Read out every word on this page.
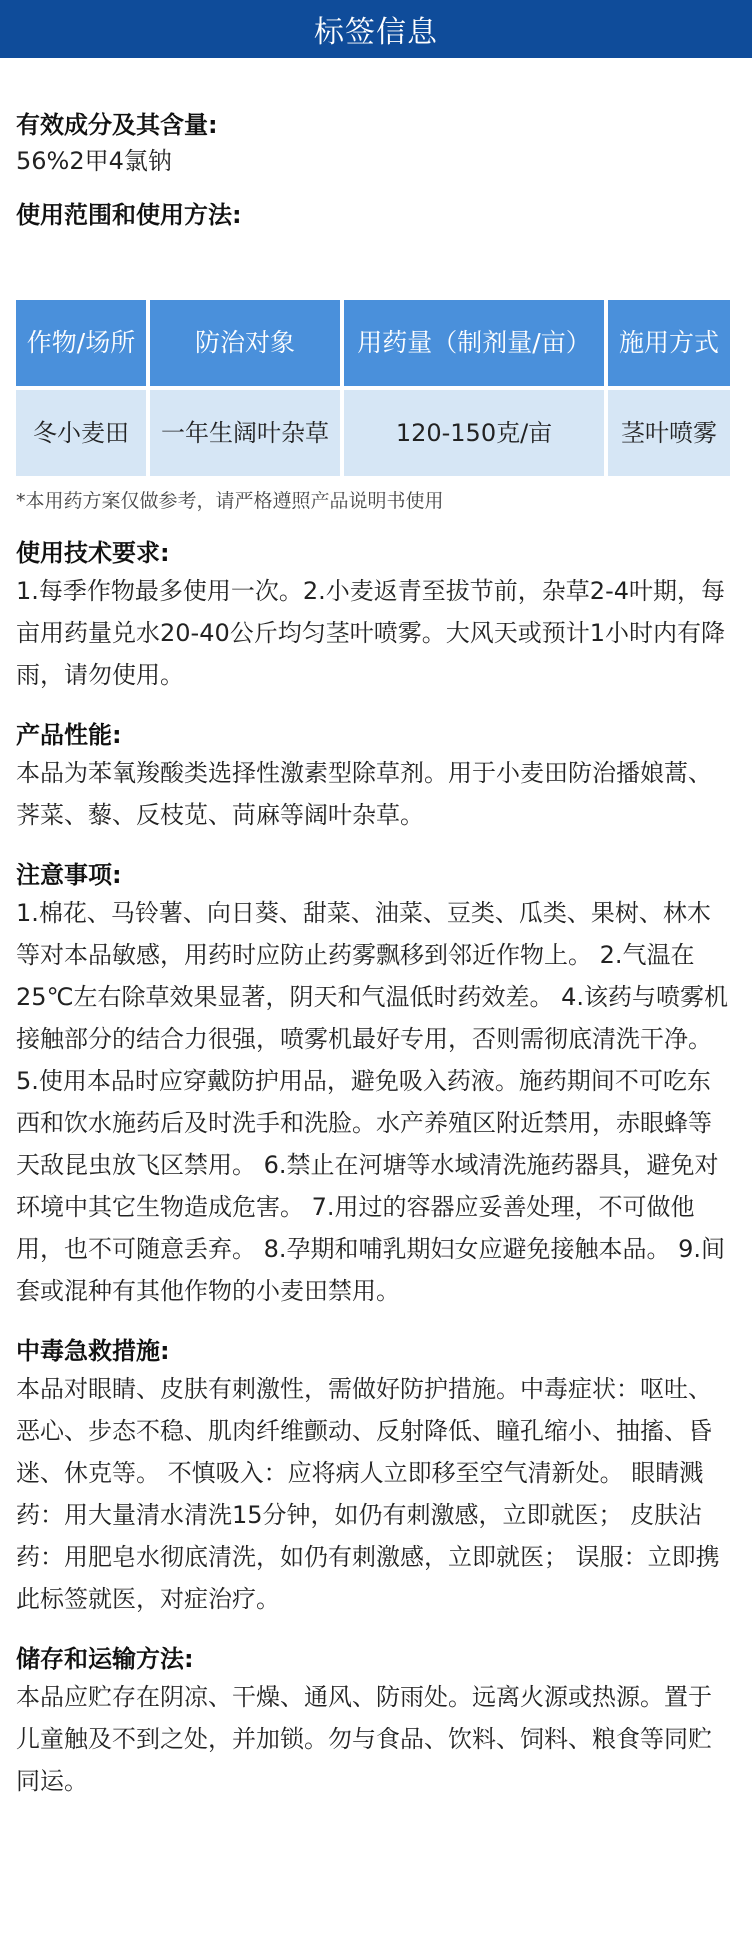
标签信息

有效成分及其含量:

56%2甲4氯钠

使用范围和使用方法:

作物/场所	防治对象	用药量（制剂量/亩）	施用方式
冬小麦田	一年生阔叶杂草	120-150克/亩	茎叶喷雾

*本用药方案仅做参考，请严格遵照产品说明书使用

使用技术要求:

1.每季作物最多使用一次。2.小麦返青至拔节前，杂草2-4叶期，每亩用药量兑水20-40公斤均匀茎叶喷雾。大风天或预计1小时内有降雨，请勿使用。

产品性能:

本品为苯氧羧酸类选择性激素型除草剂。用于小麦田防治播娘蒿、荠菜、藜、反枝苋、苘麻等阔叶杂草。

注意事项:

1.棉花、马铃薯、向日葵、甜菜、油菜、豆类、瓜类、果树、林木等对本品敏感，用药时应防止药雾飘移到邻近作物上。 2.气温在25℃左右除草效果显著，阴天和气温低时药效差。 4.该药与喷雾机接触部分的结合力很强，喷雾机最好专用，否则需彻底清洗干净。 5.使用本品时应穿戴防护用品，避免吸入药液。施药期间不可吃东西和饮水施药后及时洗手和洗脸。水产养殖区附近禁用，赤眼蜂等天敌昆虫放飞区禁用。 6.禁止在河塘等水域清洗施药器具，避免对环境中其它生物造成危害。 7.用过的容器应妥善处理，不可做他用，也不可随意丢弃。 8.孕期和哺乳期妇女应避免接触本品。 9.间套或混种有其他作物的小麦田禁用。

中毒急救措施:

本品对眼睛、皮肤有刺激性，需做好防护措施。中毒症状：呕吐、恶心、步态不稳、肌肉纤维颤动、反射降低、瞳孔缩小、抽搐、昏迷、休克等。 不慎吸入：应将病人立即移至空气清新处。 眼睛溅药：用大量清水清洗15分钟，如仍有刺激感，立即就医； 皮肤沾药：用肥皂水彻底清洗，如仍有刺激感，立即就医； 误服：立即携此标签就医，对症治疗。

储存和运输方法:

本品应贮存在阴凉、干燥、通风、防雨处。远离火源或热源。置于儿童触及不到之处，并加锁。勿与食品、饮料、饲料、粮食等同贮同运。
